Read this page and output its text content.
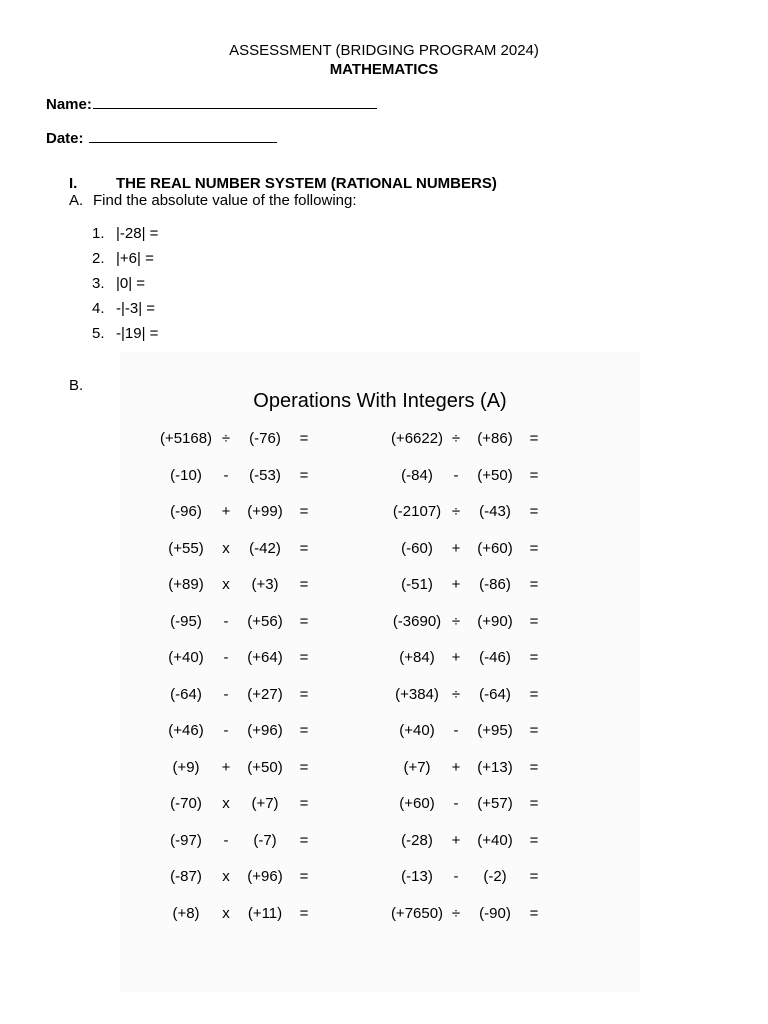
ASSESSMENT (BRIDGING PROGRAM 2024)
MATHEMATICS
Name:
Date:
I.	THE REAL NUMBER SYSTEM (RATIONAL NUMBERS)
A. Find the absolute value of the following:
1. |-28| =
2. |+6| =
3. |0| =
4. -|-3| =
5. -|19| =
B.
Operations With Integers (A)
(+5168) ÷	(-76)	=
(-10)	-	(-53)	=
(-96)	+	(+99)	=
(+55)	x	(-42)	=
(+89)	x	(+3)	=
(-95)	-	(+56)	=
(+40)	-	(+64)	=
(-64)	-	(+27)	=
(+46)	-	(+96)	=
(+9)	+	(+50)	=
(-70)	x	(+7)	=
(-97)	-	(-7)	=
(-87)	x	(+96)	=
(+8)	x	(+11)	=
(+6622) ÷	(+86)	=
(-84)	-	(+50)	=
(-2107) ÷	(-43)	=
(-60)	+	(+60)	=
(-51)	+	(-86)	=
(-3690) ÷	(+90)	=
(+84)	+	(-46)	=
(+384) ÷	(-64)	=
(+40)	-	(+95)	=
(+7)	+	(+13)	=
(+60)	-	(+57)	=
(-28)	+	(+40)	=
(-13)	-	(-2)	=
(+7650) ÷	(-90)	=
